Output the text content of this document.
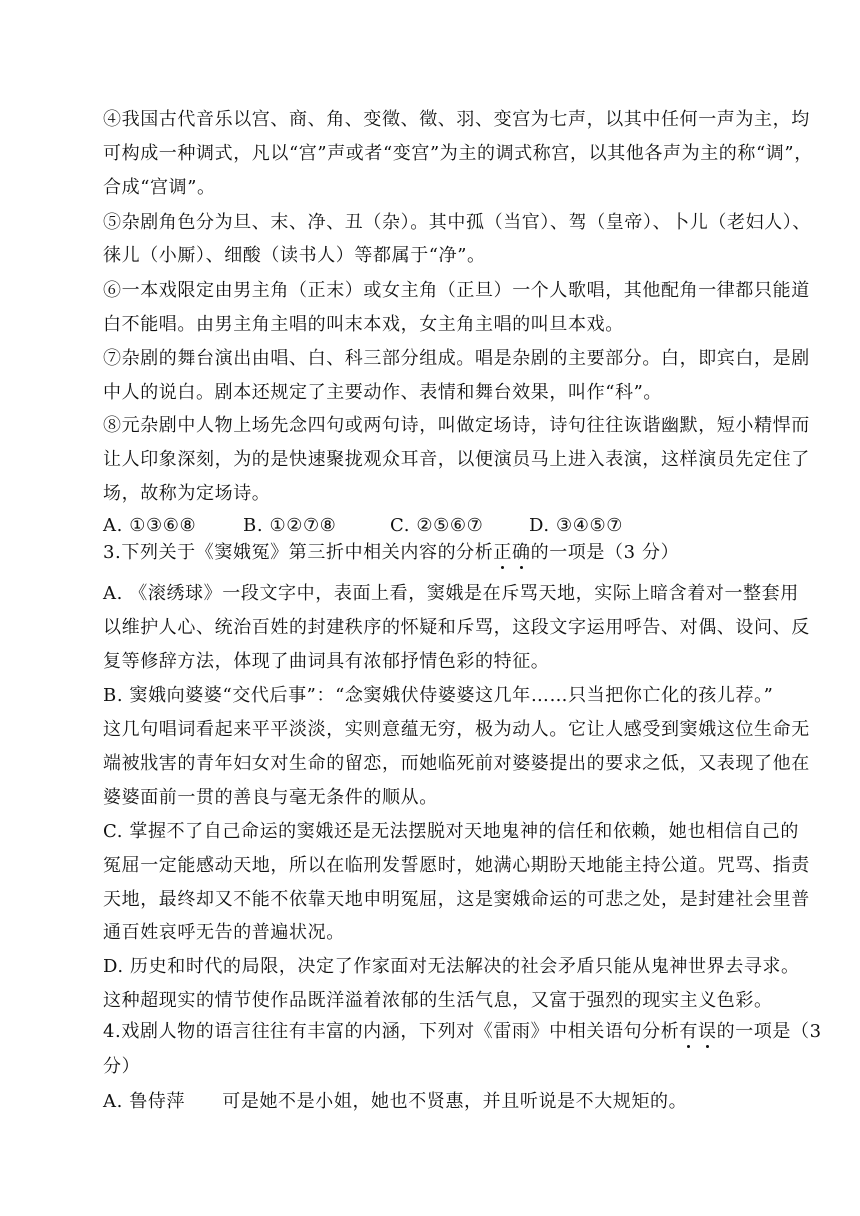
④我国古代音乐以宫、商、角、变徵、徵、羽、变宫为七声，以其中任何一声为主，均
可构成一种调式，凡以“宫”声或者“变宫”为主的调式称宫，以其他各声为主的称“调”，
合成“宫调”。
⑤杂剧角色分为旦、末、净、丑（杂）。其中孤（当官）、驾（皇帝）、卜儿（老妇人）、
徕儿（小厮）、细酸（读书人）等都属于“净”。
⑥一本戏限定由男主角（正末）或女主角（正旦）一个人歌唱，其他配角一律都只能道
白不能唱。由男主角主唱的叫末本戏，女主角主唱的叫旦本戏。
⑦杂剧的舞台演出由唱、白、科三部分组成。唱是杂剧的主要部分。白，即宾白，是剧
中人的说白。剧本还规定了主要动作、表情和舞台效果，叫作“科”。
⑧元杂剧中人物上场先念四句或两句诗，叫做定场诗，诗句往往诙谐幽默，短小精悍而
让人印象深刻，为的是快速聚拢观众耳音，以便演员马上进入表演，这样演员先定住了
场，故称为定场诗。
A. ①③⑥⑧	B. ①②⑦⑧	C. ②⑤⑥⑦	D. ③④⑤⑦
3.下列关于《窦娥冤》第三折中相关内容的分析正确的一项是（3 分）
A. 《滚绣球》一段文字中，表面上看，窦娥是在斥骂天地，实际上暗含着对一整套用
以维护人心、统治百姓的封建秩序的怀疑和斥骂，这段文字运用呼告、对偶、设问、反
复等修辞方法，体现了曲词具有浓郁抒情色彩的特征。
B. 窦娥向婆婆“交代后事”：“念窦娥伏侍婆婆这几年……只当把你亡化的孩儿荐。”
这几句唱词看起来平平淡淡，实则意蕴无穷，极为动人。它让人感受到窦娥这位生命无
端被戕害的青年妇女对生命的留恋，而她临死前对婆婆提出的要求之低，又表现了他在
婆婆面前一贯的善良与毫无条件的顺从。
C. 掌握不了自己命运的窦娥还是无法摆脱对天地鬼神的信任和依赖，她也相信自己的
冤屈一定能感动天地，所以在临刑发誓愿时，她满心期盼天地能主持公道。咒骂、指责
天地，最终却又不能不依靠天地申明冤屈，这是窦娥命运的可悲之处，是封建社会里普
通百姓哀呼无告的普遍状况。
D. 历史和时代的局限，决定了作家面对无法解决的社会矛盾只能从鬼神世界去寻求。
这种超现实的情节使作品既洋溢着浓郁的生活气息，又富于强烈的现实主义色彩。
4.戏剧人物的语言往往有丰富的内涵，下列对《雷雨》中相关语句分析有误的一项是（3
分）
A. 鲁侍萍　　可是她不是小姐，她也不贤惠，并且听说是不大规矩的。
